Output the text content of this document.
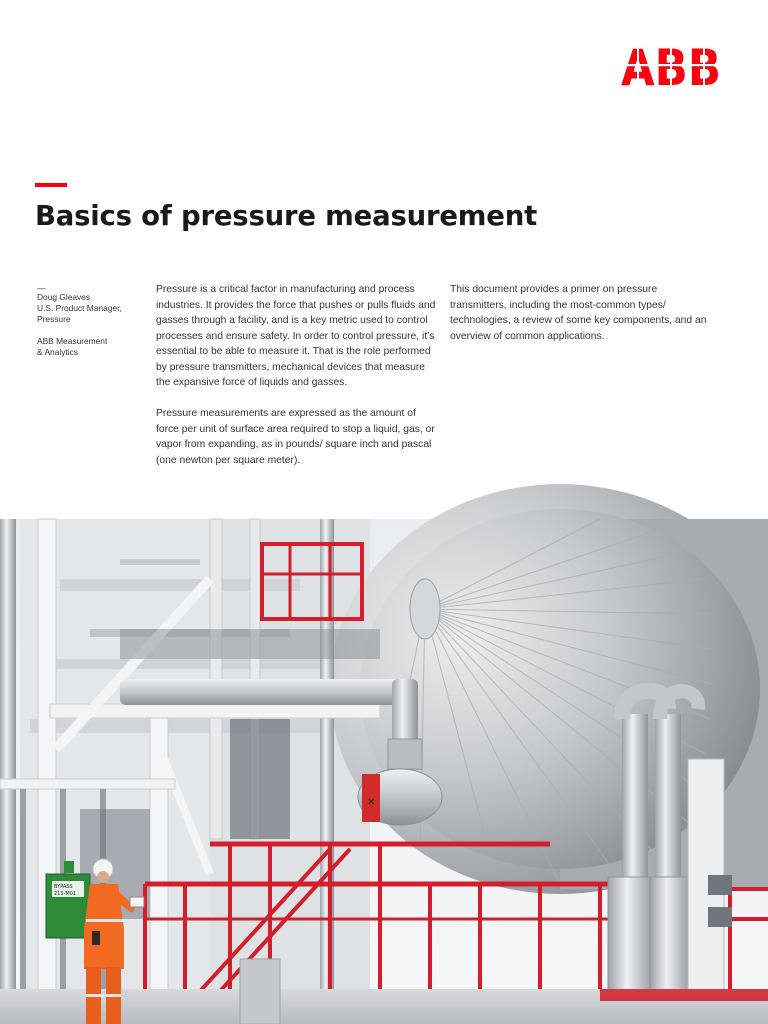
Basics of pressure measurement
—

Doug Gleaves

U.S. Product Manager,

Pressure

ABB Measurement

& Analytics

Pressure is a critical factor in manufacturing and process industries. It provides the force that pushes or pulls fluids and gasses through a facility, and is a key metric used to control processes and ensure safety. In order to control pressure, it’s essential to be able to measure it. That is the role performed by pressure transmitters, mechanical devices that measure the expansive force of liquids and gasses.

Pressure measurements are expressed as the amount of force per unit of surface area required to stop a liquid, gas, or vapor from expanding, as in pounds/ square inch and pascal (one newton per square meter).

This document provides a primer on pressure transmitters, including the most-common types/ technologies, a review of some key components, and an overview of common applications.

✕
BYPASS
215-M01
